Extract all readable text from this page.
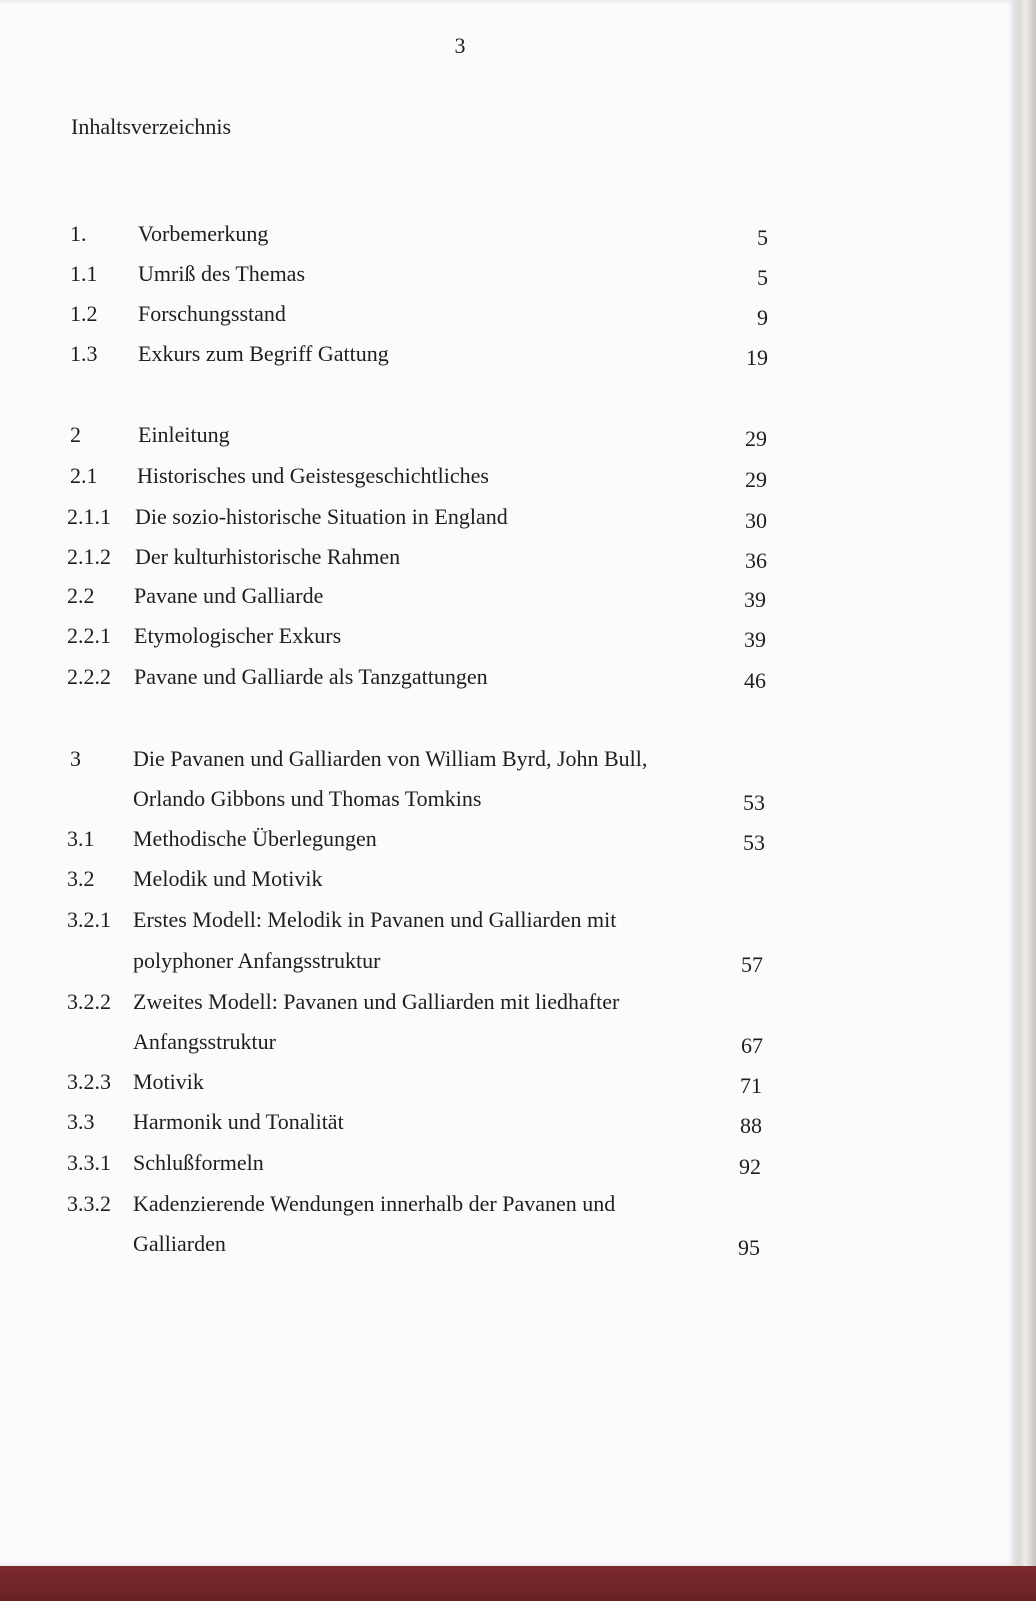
3
Inhaltsverzeichnis
1. Vorbemerkung	5
1.1 Umriß des Themas	5
1.2 Forschungsstand	9
1.3 Exkurs zum Begriff Gattung	19
2	Einleitung	29
2.1 Historisches und Geistesgeschichtliches	29
2.1.1 Die sozio-historische Situation in England	30
2.1.2 Der kulturhistorische Rahmen	36
2.2 Pavane und Galliarde	39
2.2.1 Etymologischer Exkurs	39
2.2.2 Pavane und Galliarde als Tanzgattungen	46
3 Die Pavanen und Galliarden von William Byrd, John Bull,
Orlando Gibbons und Thomas Tomkins	53
3.1 Methodische Überlegungen	53
3.2 Melodik und Motivik
3.2.1 Erstes Modell: Melodik in Pavanen und Galliarden mit
polyphoner Anfangsstruktur	57
3.2.2 Zweites Modell: Pavanen und Galliarden mit liedhafter
Anfangsstruktur	67
3.2.3 Motivik	71
3.3 Harmonik und Tonalität	88
3.3.1 Schlußformeln	92
3.3.2 Kadenzierende Wendungen innerhalb der Pavanen und
Galliarden	95
